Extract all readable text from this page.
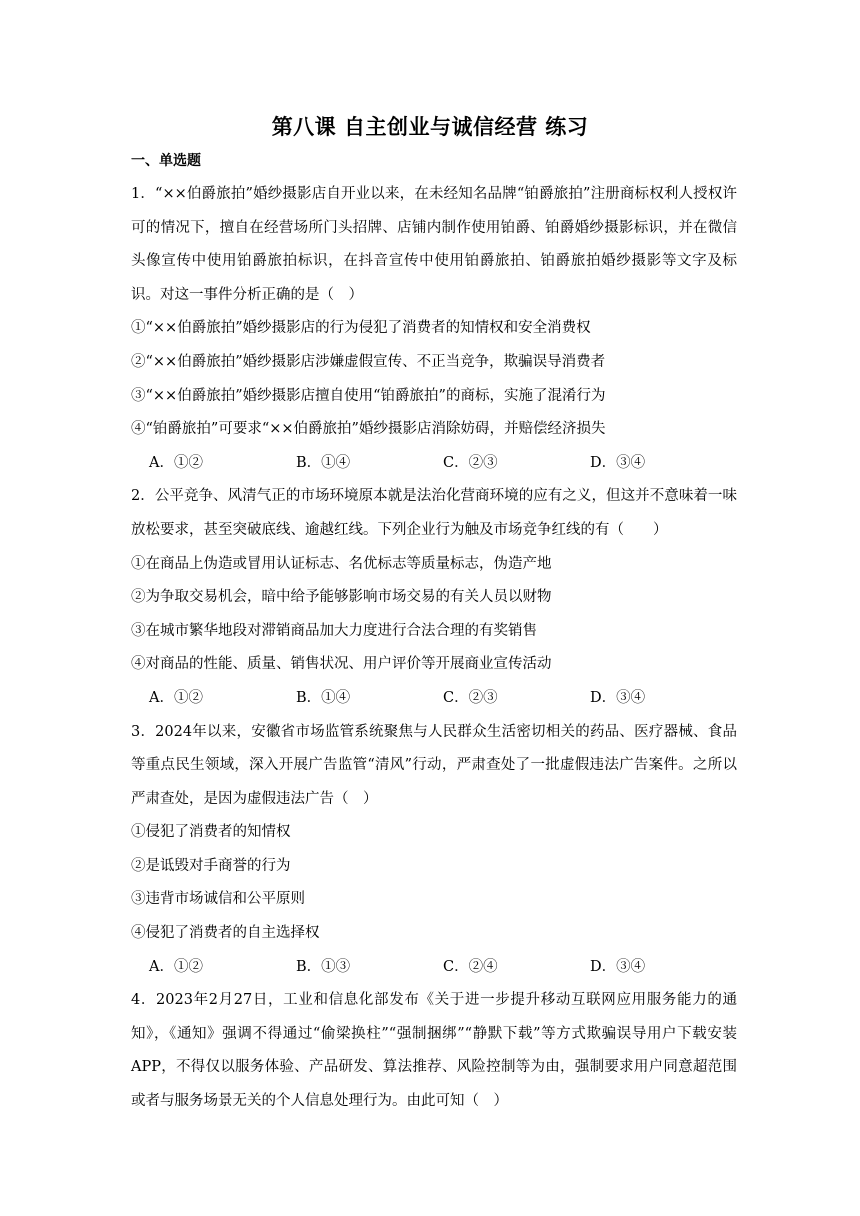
第八课 自主创业与诚信经营 练习
一、单选题

1．“××伯爵旅拍”婚纱摄影店自开业以来，在未经知名品牌“铂爵旅拍”注册商标权利人授权许可的情况下，擅自在经营场所门头招牌、店铺内制作使用铂爵、铂爵婚纱摄影标识，并在微信头像宣传中使用铂爵旅拍标识，在抖音宣传中使用铂爵旅拍、铂爵旅拍婚纱摄影等文字及标识。对这一事件分析正确的是（　）

①“××伯爵旅拍”婚纱摄影店的行为侵犯了消费者的知情权和安全消费权

②“××伯爵旅拍”婚纱摄影店涉嫌虚假宣传、不正当竞争，欺骗误导消费者

③“××伯爵旅拍”婚纱摄影店擅自使用“铂爵旅拍”的商标，实施了混淆行为

④“铂爵旅拍”可要求“××伯爵旅拍”婚纱摄影店消除妨碍，并赔偿经济损失

A．①②	B．①④	C．②③	D．③④

2．公平竞争、风清气正的市场环境原本就是法治化营商环境的应有之义，但这并不意味着一味放松要求，甚至突破底线、逾越红线。下列企业行为触及市场竞争红线的有（　　）

①在商品上伪造或冒用认证标志、名优标志等质量标志，伪造产地

②为争取交易机会，暗中给予能够影响市场交易的有关人员以财物

③在城市繁华地段对滞销商品加大力度进行合法合理的有奖销售

④对商品的性能、质量、销售状况、用户评价等开展商业宣传活动

A．①②	B．①④	C．②③	D．③④

3．2024年以来，安徽省市场监管系统聚焦与人民群众生活密切相关的药品、医疗器械、食品等重点民生领域，深入开展广告监管“清风”行动，严肃查处了一批虚假违法广告案件。之所以严肃查处，是因为虚假违法广告（　）

①侵犯了消费者的知情权

②是诋毁对手商誉的行为

③违背市场诚信和公平原则

④侵犯了消费者的自主选择权

A．①②	B．①③	C．②④	D．③④

4．2023年2月27日，工业和信息化部发布《关于进一步提升移动互联网应用服务能力的通知》，《通知》强调不得通过“偷梁换柱”“强制捆绑”“静默下载”等方式欺骗误导用户下载安装APP，不得仅以服务体验、产品研发、算法推荐、风险控制等为由，强制要求用户同意超范围或者与服务场景无关的个人信息处理行为。由此可知（　）
